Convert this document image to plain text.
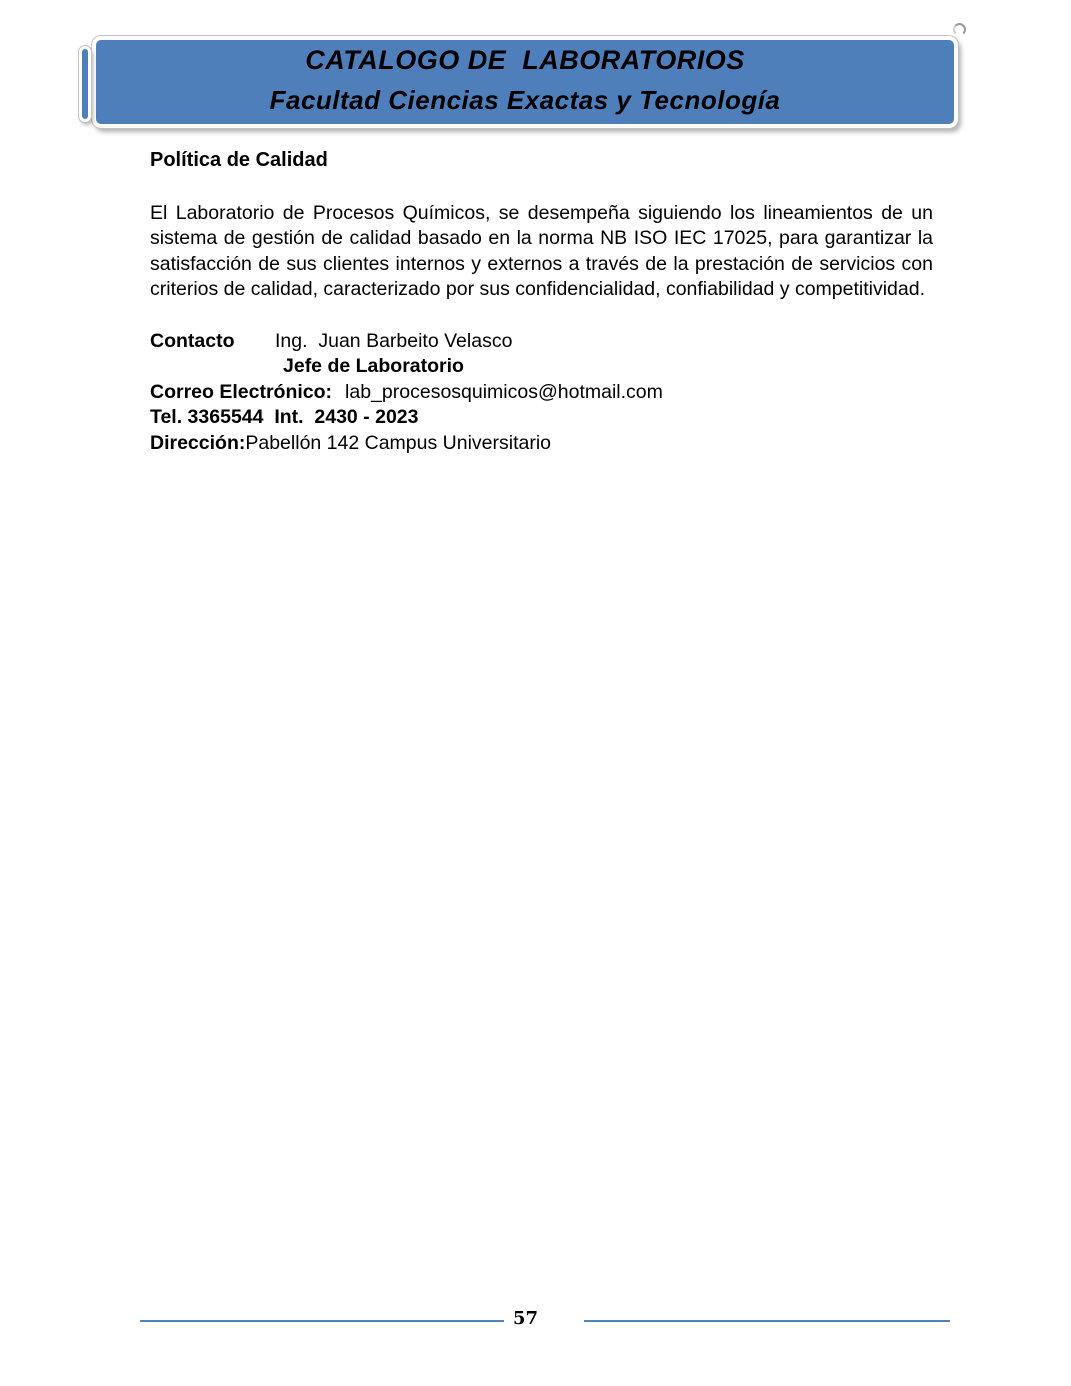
CATALOGO DE  LABORATORIOS
Facultad Ciencias Exactas y Tecnología
Política de Calidad

El Laboratorio de Procesos Químicos, se desempeña siguiendo los lineamientos de un sistema de gestión de calidad basado en la norma NB ISO IEC 17025, para garantizar la satisfacción de sus clientes internos y externos a través de la prestación de servicios con criterios de calidad, caracterizado por sus confidencialidad, confiabilidad y competitividad.

Contacto Ing.  Juan Barbeito Velasco
Jefe de Laboratorio
Correo Electrónico: lab_procesosquimicos@hotmail.com
Tel. 3365544  Int.  2430 - 2023
Dirección:Pabellón 142 Campus Universitario
57
